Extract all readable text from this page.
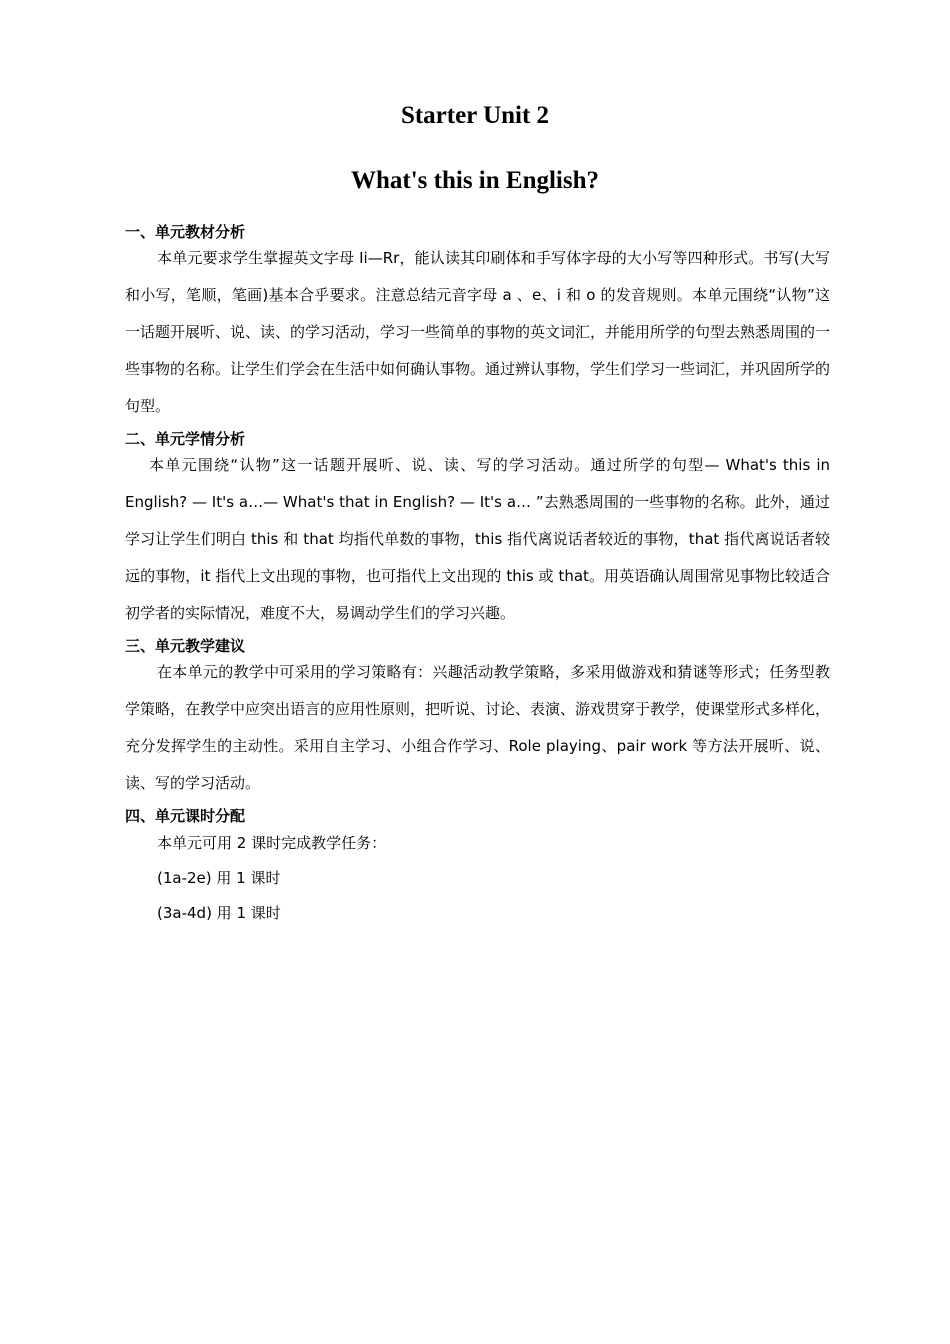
Starter Unit 2
What's this in English?
一、单元教材分析

本单元要求学生掌握英文字母 Ii—Rr，能认读其印刷体和手写体字母的大小写等四种形式。书写(大写和小写，笔顺，笔画)基本合乎要求。注意总结元音字母 a 、e、i 和 o 的发音规则。本单元围绕“认物”这一话题开展听、说、读、的学习活动，学习一些简单的事物的英文词汇，并能用所学的句型去熟悉周围的一些事物的名称。让学生们学会在生活中如何确认事物。通过辨认事物，学生们学习一些词汇，并巩固所学的句型。

二、单元学情分析

本单元围绕“认物”这一话题开展听、说、读、写的学习活动。通过所学的句型— What's this in English? — It's a…— What's that in English? — It's a… ”去熟悉周围的一些事物的名称。此外，通过学习让学生们明白 this 和 that 均指代单数的事物，this 指代离说话者较近的事物，that 指代离说话者较远的事物，it 指代上文出现的事物，也可指代上文出现的 this 或 that。用英语确认周围常见事物比较适合初学者的实际情况，难度不大，易调动学生们的学习兴趣。

三、单元教学建议

在本单元的教学中可采用的学习策略有：兴趣活动教学策略，多采用做游戏和猜谜等形式；任务型教学策略，在教学中应突出语言的应用性原则，把听说、讨论、表演、游戏贯穿于教学，使课堂形式多样化，充分发挥学生的主动性。采用自主学习、小组合作学习、Role playing、pair work 等方法开展听、说、读、写的学习活动。

四、单元课时分配
本单元可用 2 课时完成教学任务：
(1a-2e) 用 1 课时
(3a-4d) 用 1 课时
